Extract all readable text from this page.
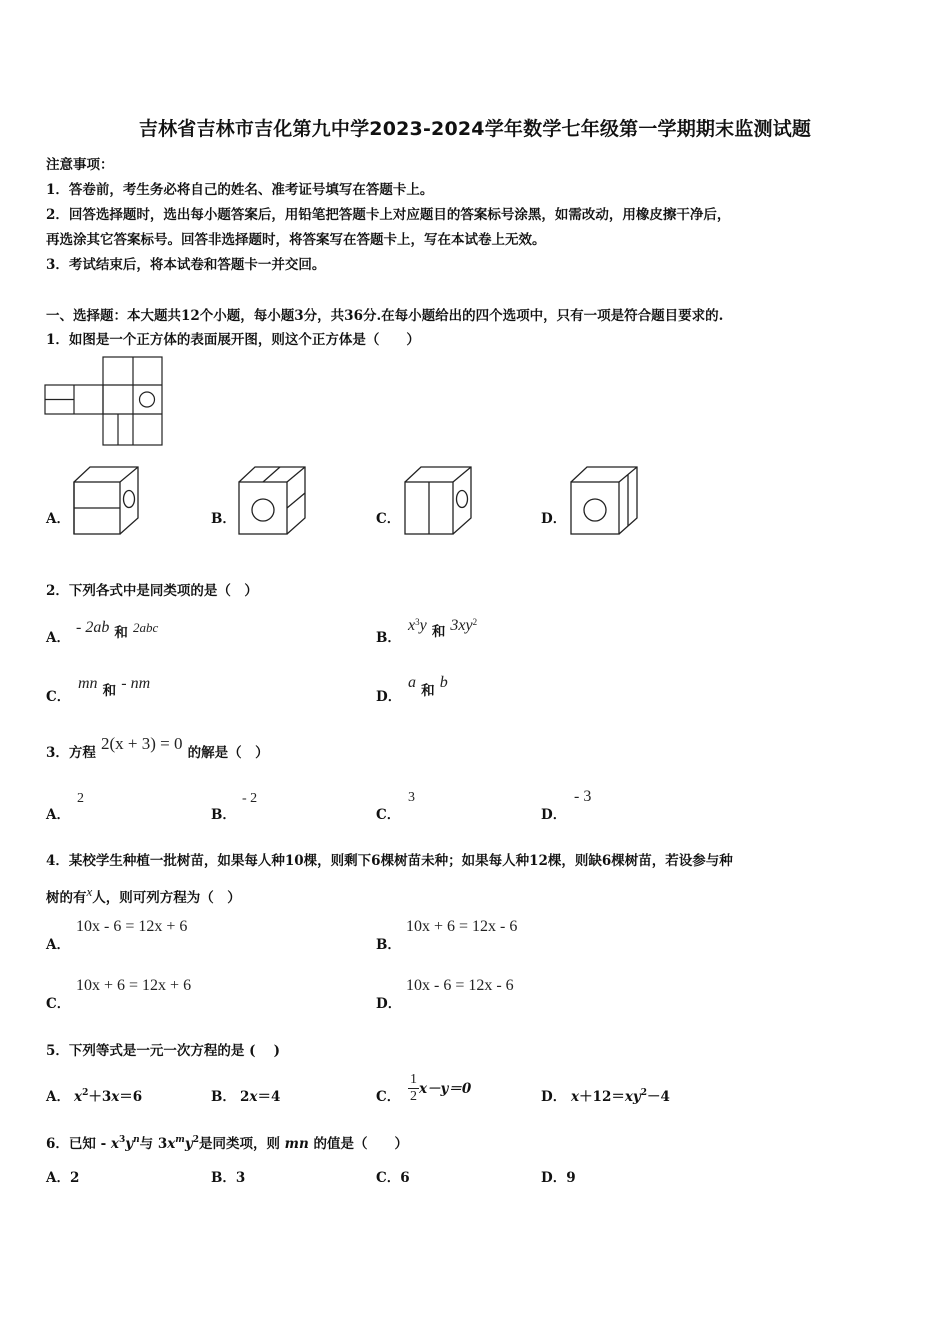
吉林省吉林市吉化第九中学2023-2024学年数学七年级第一学期期末监测试题
注意事项：
1．答卷前，考生务必将自己的姓名、准考证号填写在答题卡上。
2．回答选择题时，选出每小题答案后，用铅笔把答题卡上对应题目的答案标号涂黑，如需改动，用橡皮擦干净后，
再选涂其它答案标号。回答非选择题时，将答案写在答题卡上，写在本试卷上无效。
3．考试结束后，将本试卷和答题卡一并交回。
一、选择题：本大题共12个小题，每小题3分，共36分.在每小题给出的四个选项中，只有一项是符合题目要求的.
1．如图是一个正方体的表面展开图，则这个正方体是（　　）
A．	B．	C．	D．
2．下列各式中是同类项的是（　）
A．
- 2ab $_和$ 2abc
B．
$x^3y$ $_和$ $3xy^2$
C．
mn $_和$ - nm
D．
a $_和$ b
$_{3.方程}$ 2(x + 3) = 0 $_{的解是( )}$
A．
2
B．
- 2
C．
3
D．
- 3
4．某校学生种植一批树苗，如果每人种10棵，则剩下6棵树苗未种；如果每人种12棵，则缺6棵树苗，若设参与种
$_{树的有}x_{人,则可列方程为( )}$
A．
10x - 6 = 12x + 6
B．
10x + 6 = 12x - 6
C．
10x + 6 = 12x + 6
D．
10x - 6 = 12x - 6
5．下列等式是一元一次方程的是 (　 )
A． $x^2+3x=6$	B． 2x＝4	C． $\frac{1}{2} x-y=0$	D． $x+12=xy^2-4$
6．已知 - $x^3y^n$与 $3x^my^2$是同类项，则 mn 的值是（　　）
A．2	B．3	C．6	D．9
